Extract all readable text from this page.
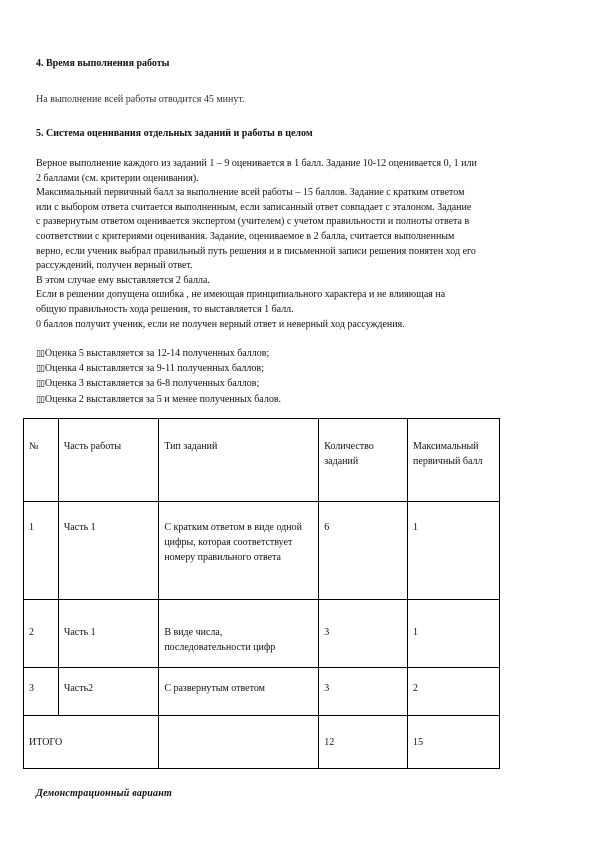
4. Время выполнения работы
На выполнение всей работы отводится 45 минут.
5. Система оценивания отдельных заданий и работы в целом
Верное выполнение каждого из заданий 1 – 9 оценивается в 1 балл. Задание 10-12 оценивается 0, 1 или
2 баллами (см. критерии оценивания).
Максимальный первичный балл за выполнение всей работы – 15 баллов. Задание с кратким ответом
или с выбором ответа считается выполненным, если записанный ответ совпадает с эталоном. Задание
с развернутым ответом оценивается экспертом (учителем) с учетом правильности и полноты ответа в
соответствии с критериями оценивания. Задание, оцениваемое в 2 балла, считается выполненным
верно, если ученик выбрал правильный путь решения и в письменной записи решения понятен ход его
рассуждений, получен верный ответ.
В этом случае ему выставляется 2 балла.
Если в решении допущена ошибка , не имеющая принципиального характера и не влияющая на
общую правильность хода решения, то выставляется 1 балл.
0 баллов получит ученик, если не получен верный ответ и неверный ход рассуждения.
▯▯Оценка 5 выставляется за 12-14 полученных баллов;
▯▯Оценка 4 выставляется за 9-11 полученных баллов;
▯▯Оценка 3 выставляется за 6-8 полученных баллов;
▯▯Оценка 2 выставляется за 5 и менее полученных балов.
№	Часть работы	Тип заданий	Количество заданий	Максимальный первичный балл

1	Часть 1	С кратким ответом в виде одной цифры, которая соответствует номеру правильного ответа	6	1

2	Часть 1	В виде числа, последовательности цифр	3	1

3	Часть2	С развернутым ответом	3	2

ИТОГО			12	15
Демонстрационный вариант
